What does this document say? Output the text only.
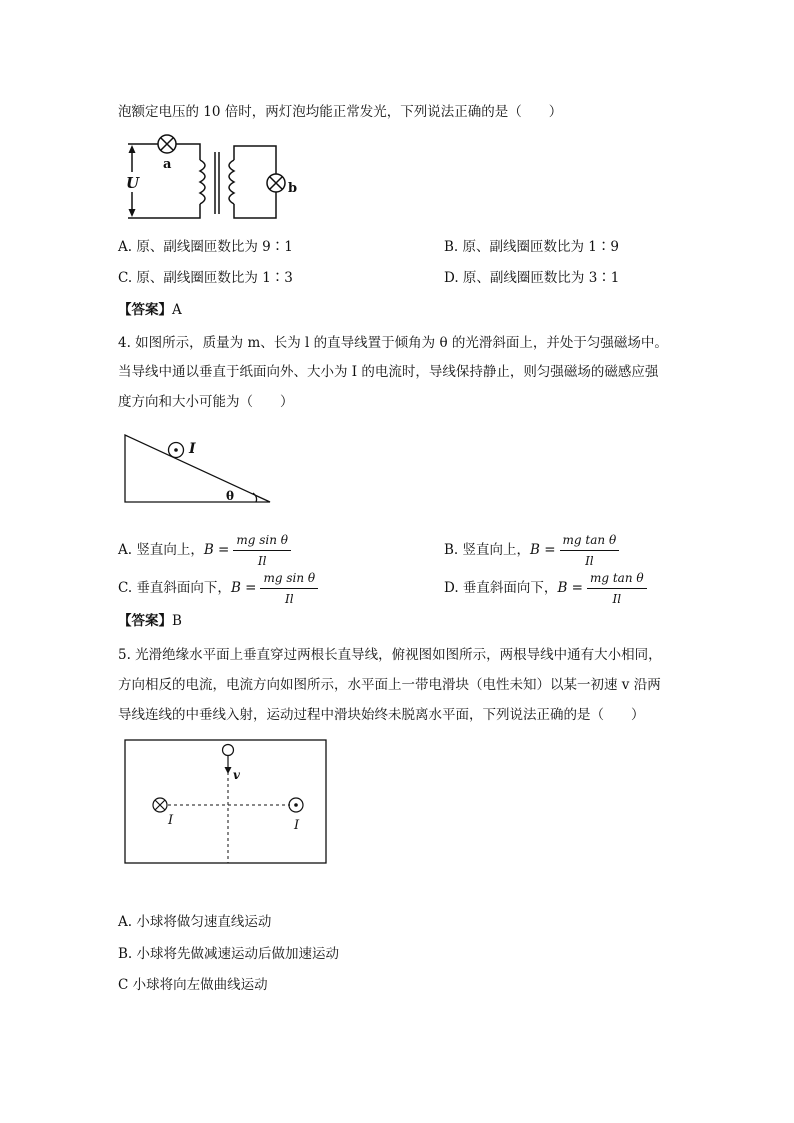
泡额定电压的 10 倍时，两灯泡均能正常发光，下列说法正确的是（　　）
U
a
b
A. 原、副线圈匝数比为 9∶1	B. 原、副线圈匝数比为 1∶9
C. 原、副线圈匝数比为 1∶3	D. 原、副线圈匝数比为 3∶1
【答案】A
4. 如图所示，质量为 m、长为 l 的直导线置于倾角为 θ 的光滑斜面上，并处于匀强磁场中。
当导线中通以垂直于纸面向外、大小为 I 的电流时，导线保持静止，则匀强磁场的磁感应强
度方向和大小可能为（　　）
I
θ
A. 竖直向上，$B = \frac{\text{mg sin θ}}{Il}$	B. 竖直向上，$B = \frac{\text{mg tan θ}}{Il}$
C. 垂直斜面向下，$B = \frac{\text{mg sin θ}}{Il}$	D. 垂直斜面向下，$B = \frac{\text{mg tan θ}}{Il}$
【答案】B
5. 光滑绝缘水平面上垂直穿过两根长直导线，俯视图如图所示，两根导线中通有大小相同，
方向相反的电流，电流方向如图所示，水平面上一带电滑块（电性未知）以某一初速 v 沿两
导线连线的中垂线入射，运动过程中滑块始终未脱离水平面，下列说法正确的是（　　）
v
I	I
A. 小球将做匀速直线运动
B. 小球将先做减速运动后做加速运动
C 小球将向左做曲线运动
